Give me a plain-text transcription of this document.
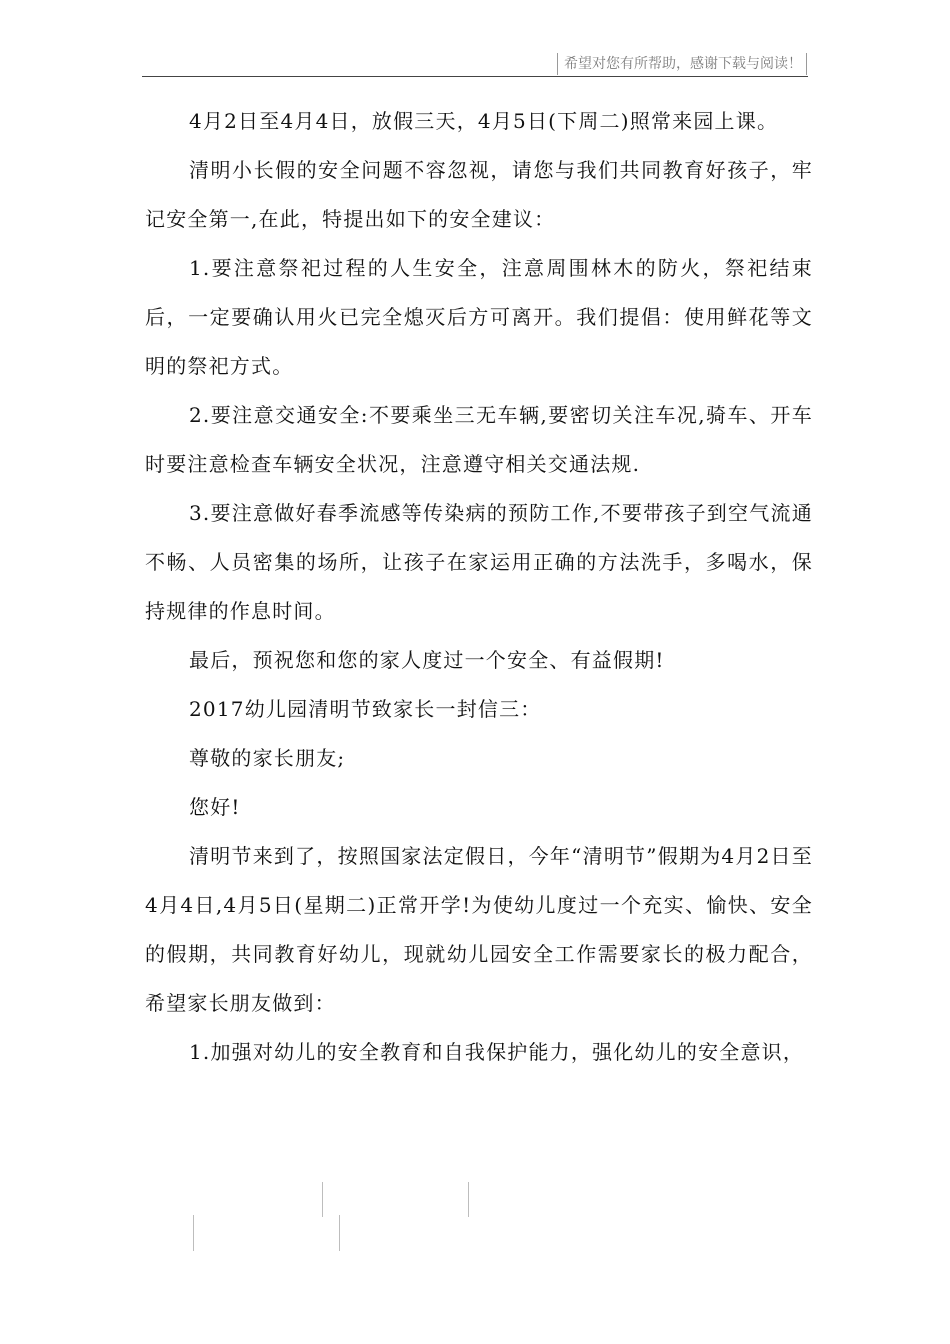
希望对您有所帮助，感谢下载与阅读！

4月2日至4月4日，放假三天，4月5日(下周二)照常来园上课。

清明小长假的安全问题不容忽视，请您与我们共同教育好孩子，牢记安全第一,在此，特提出如下的安全建议：

1.要注意祭祀过程的人生安全，注意周围林木的防火，祭祀结束后，一定要确认用火已完全熄灭后方可离开。我们提倡：使用鲜花等文明的祭祀方式。

2.要注意交通安全:不要乘坐三无车辆,要密切关注车况,骑车、开车时要注意检查车辆安全状况，注意遵守相关交通法规.

3.要注意做好春季流感等传染病的预防工作,不要带孩子到空气流通不畅、人员密集的场所，让孩子在家运用正确的方法洗手，多喝水，保持规律的作息时间。

最后，预祝您和您的家人度过一个安全、有益假期!

2017幼儿园清明节致家长一封信三：

尊敬的家长朋友;

您好!

清明节来到了，按照国家法定假日，今年“清明节”假期为4月2日至4月4日,4月5日(星期二)正常开学!为使幼儿度过一个充实、愉快、安全的假期，共同教育好幼儿，现就幼儿园安全工作需要家长的极力配合，希望家长朋友做到：

1.加强对幼儿的安全教育和自我保护能力，强化幼儿的安全意识，
